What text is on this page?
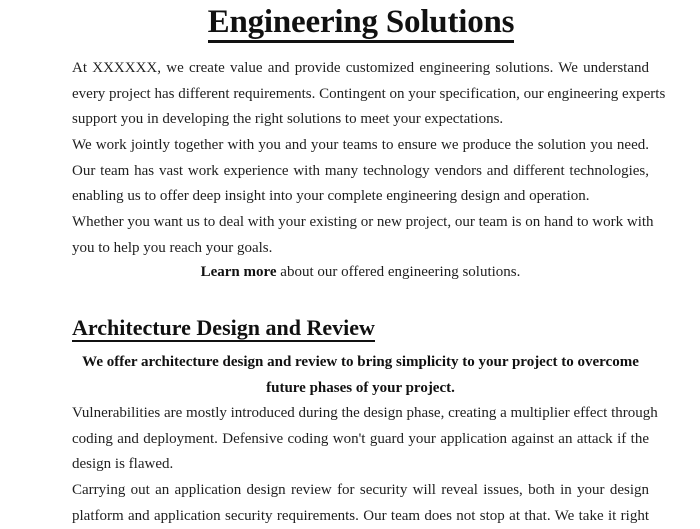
Engineering Solutions
At XXXXXX, we create value and provide customized engineering solutions. We understand
every project has different requirements. Contingent on your specification, our engineering experts
support you in developing the right solutions to meet your expectations.
We work jointly together with you and your teams to ensure we produce the solution you need.
Our team has vast work experience with many technology vendors and different technologies,
enabling us to offer deep insight into your complete engineering design and operation.
Whether you want us to deal with your existing or new project, our team is on hand to work with
you to help you reach your goals.
Learn more about our offered engineering solutions.
Architecture Design and Review
We offer architecture design and review to bring simplicity to your project to overcome
future phases of your project.
Vulnerabilities are mostly introduced during the design phase, creating a multiplier effect through
coding and deployment. Defensive coding won't guard your application against an attack if the
design is flawed.
Carrying out an application design review for security will reveal issues, both in your design
platform and application security requirements. Our team does not stop at that. We take it right
